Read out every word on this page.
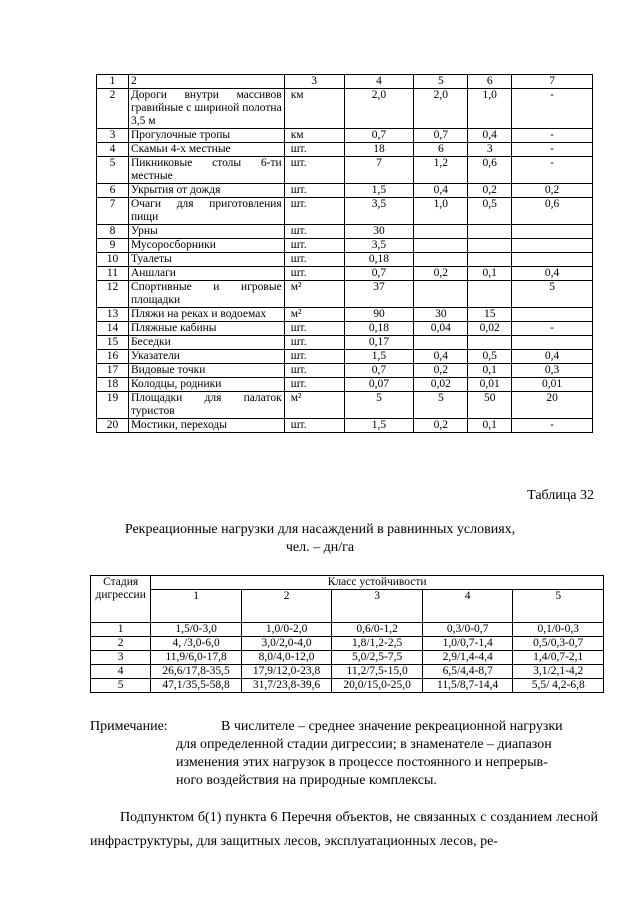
1	2	3	4	5	6	7
2	Дороги внутри массивов гравийные с шириной полотна 3,5 м	км	2,0	2,0	1,0	-
3	Прогулочные тропы	км	0,7	0,7	0,4	-
4	Скамьи 4-х местные	шт.	18	6	3	-
5	Пикниковые столы 6-ти местные	шт.	7	1,2	0,6	-
6	Укрытия от дождя	шт.	1,5	0,4	0,2	0,2
7	Очаги для приготовления пищи	шт.	3,5	1,0	0,5	0,6
8	Урны	шт.	30			
9	Мусоросборники	шт.	3,5			
10	Туалеты	шт.	0,18			
11	Аншлаги	шт.	0,7	0,2	0,1	0,4
12	Спортивные и игровые площадки	м²	37			5
13	Пляжи на реках и водоемах	м²	90	30	15	
14	Пляжные кабины	шт.	0,18	0,04	0,02	-
15	Беседки	шт.	0,17			
16	Указатели	шт.	1,5	0,4	0,5	0,4
17	Видовые точки	шт.	0,7	0,2	0,1	0,3
18	Колодцы, родники	шт.	0,07	0,02	0,01	0,01
19	Площадки для палаток туристов	м²	5	5	50	20
20	Мостики, переходы	шт.	1,5	0,2	0,1	-
Таблица 32
Рекреационные нагрузки для насаждений в равнинных условиях,
чел. – дн/га
Стадия дигрессии	Класс устойчивости				
	1	2	3	4	5
1	1,5/0-3,0	1,0/0-2,0	0,6/0-1,2	0,3/0-0,7	0,1/0-0,3
2	4, /3,0-6,0	3,0/2,0-4,0	1,8/1,2-2,5	1,0/0,7-1,4	0,5/0,3-0,7
3	11,9/6,0-17,8	8,0/4,0-12,0	5,0/2,5-7,5	2,9/1,4-4,4	1,4/0,7-2,1
4	26,6/17,8-35,5	17,9/12,0-23,8	11,2/7,5-15,0	6,5/4,4-8,7	3,1/2,1-4,2
5	47,1/35,5-58,8	31,7/23,8-39,6	20,0/15,0-25,0	11,5/8,7-14,4	5,5/ 4,2-6,8
Примечание:	В числителе – среднее значение рекреационной нагрузки
для определенной стадии дигрессии; в знаменателе – диапазон
изменения этих нагрузок в процессе постоянного и непрерыв-
ного воздействия на природные комплексы.
Подпунктом б(1) пункта 6 Перечня объектов, не связанных с созданием лесной инфраструктуры, для защитных лесов, эксплуатационных лесов, ре-
